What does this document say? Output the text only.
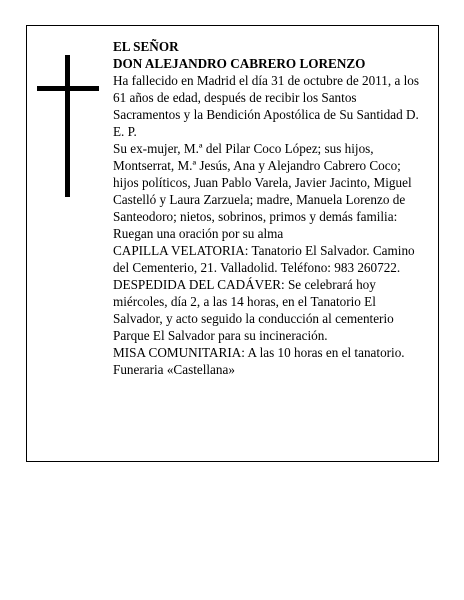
EL SEÑOR

DON ALEJANDRO CABRERO LORENZO

Ha fallecido en Madrid el día 31 de octubre de 2011, a los 61 años de edad, después de recibir los Santos Sacramentos y la Bendición Apostólica de Su Santidad D. E. P.

Su ex-mujer, M.ª del Pilar Coco López; sus hijos, Montserrat, M.ª Jesús, Ana y Alejandro Cabrero Coco; hijos políticos, Juan Pablo Varela, Javier Jacinto, Miguel Castelló y Laura Zarzuela; madre, Manuela Lorenzo de Santeodoro; nietos, sobrinos, primos y demás familia:

Ruegan una oración por su alma

CAPILLA VELATORIA: Tanatorio El Salvador. Camino del Cementerio, 21. Valladolid. Teléfono: 983 260722.

DESPEDIDA DEL CADÁVER: Se celebrará hoy miércoles, día 2, a las 14 horas, en el Tanatorio El Salvador, y acto seguido la conducción al cementerio Parque El Salvador para su incineración.

MISA COMUNITARIA: A las 10 horas en el tanatorio.

Funeraria «Castellana»
